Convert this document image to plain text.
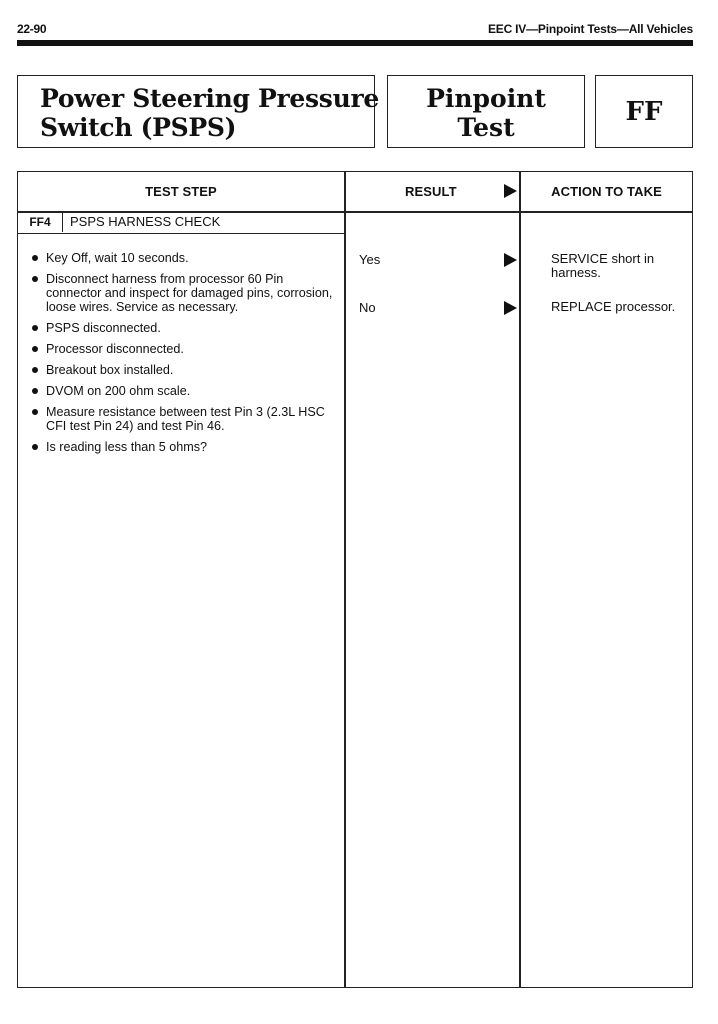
22-90	EEC IV—Pinpoint Tests—All Vehicles
Power Steering Pressure
Switch (PSPS)
Pinpoint
Test
FF
TEST STEP	RESULT	ACTION TO TAKE
FF4	PSPS HARNESS CHECK
Key Off, wait 10 seconds.
Disconnect harness from processor 60 Pin connector and inspect for damaged pins, corrosion, loose wires. Service as necessary.
PSPS disconnected.
Processor disconnected.
Breakout box installed.
DVOM on 200 ohm scale.
Measure resistance between test Pin 3 (2.3L HSC CFI test Pin 24) and test Pin 46.
Is reading less than 5 ohms?
Yes	SERVICE short in harness.
No	REPLACE processor.
